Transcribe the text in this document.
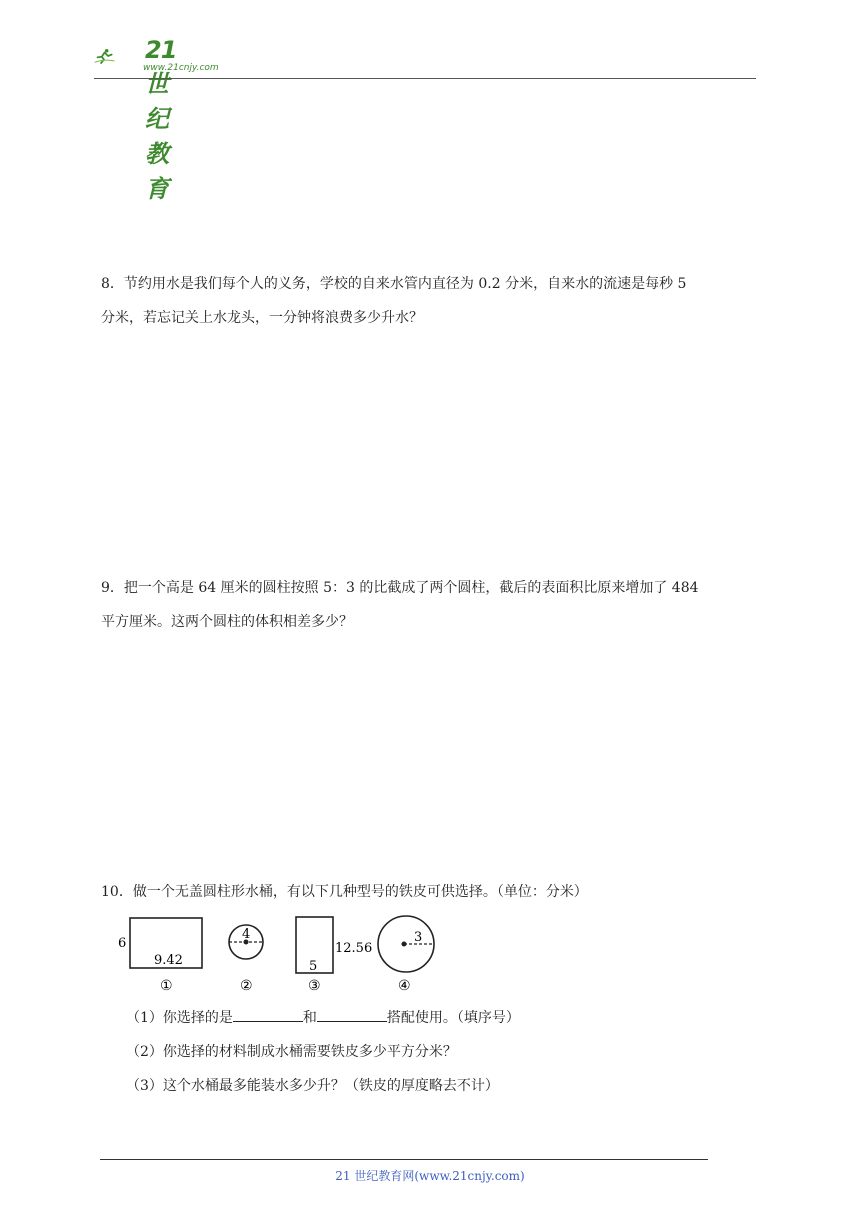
21世纪教育
www.21cnjy.com
8．节约用水是我们每个人的义务，学校的自来水管内直径为 0.2 分米，自来水的流速是每秒 5
分米，若忘记关上水龙头，一分钟将浪费多少升水？
9．把一个高是 64 厘米的圆柱按照 5：3 的比截成了两个圆柱，截后的表面积比原来增加了 484
平方厘米。这两个圆柱的体积相差多少？
10．做一个无盖圆柱形水桶，有以下几种型号的铁皮可供选择。（单位：分米）
6
9.42
①
4
②
12.56
5
③
3
④
（1）你选择的是	和	搭配使用。（填序号）
（2）你选择的材料制成水桶需要铁皮多少平方分米？
（3）这个水桶最多能装水多少升？（铁皮的厚度略去不计）
21 世纪教育网(www.21cnjy.com)
